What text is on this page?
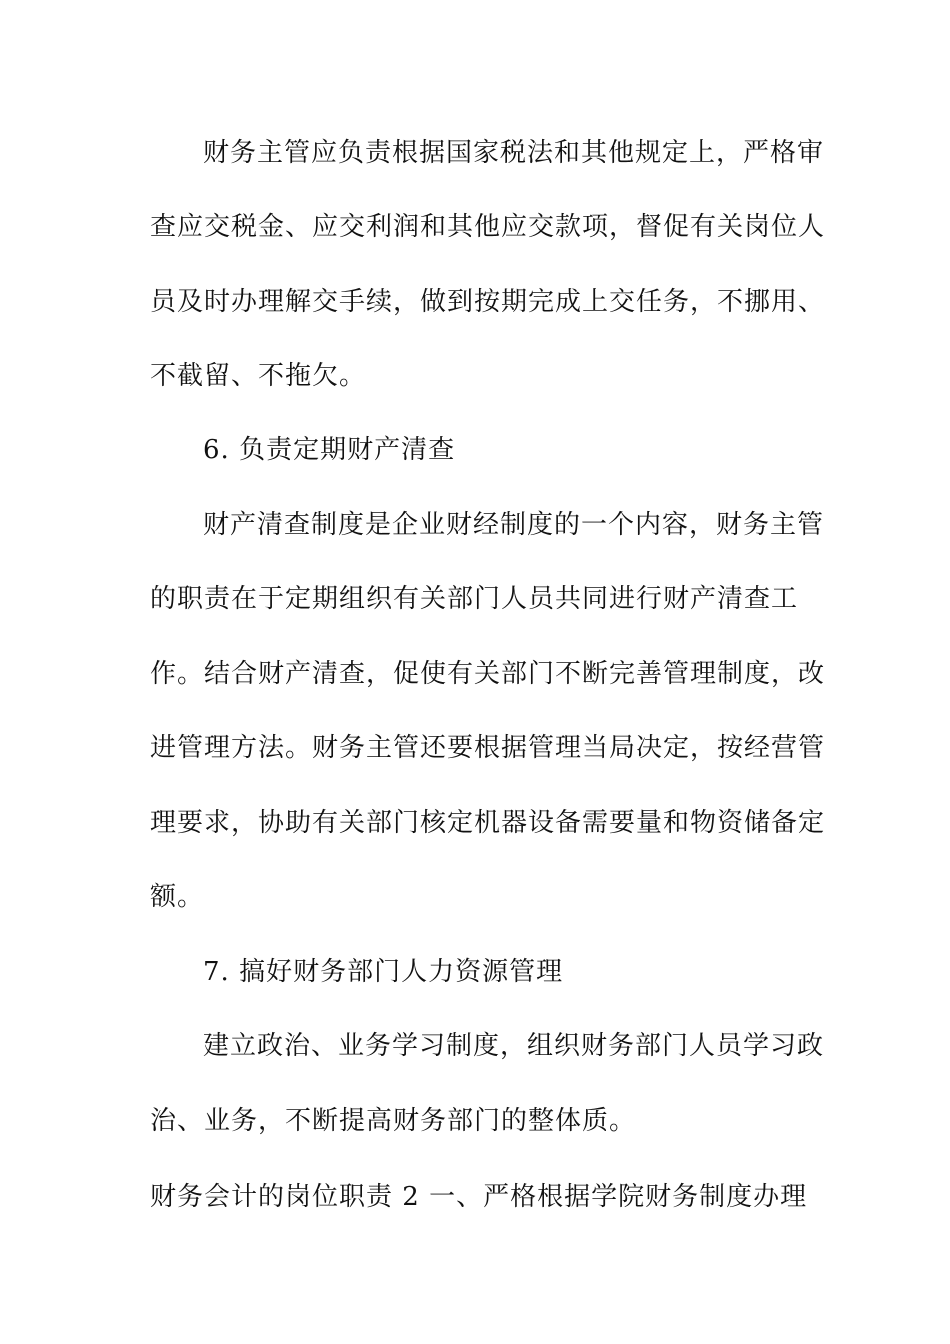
财务主管应负责根据国家税法和其他规定上，严格审
查应交税金、应交利润和其他应交款项，督促有关岗位人
员及时办理解交手续，做到按期完成上交任务，不挪用、
不截留、不拖欠。
6. 负责定期财产清查
财产清查制度是企业财经制度的一个内容，财务主管
的职责在于定期组织有关部门人员共同进行财产清查工
作。结合财产清查，促使有关部门不断完善管理制度，改
进管理方法。财务主管还要根据管理当局决定，按经营管
理要求，协助有关部门核定机器设备需要量和物资储备定
额。
7. 搞好财务部门人力资源管理
建立政治、业务学习制度，组织财务部门人员学习政
治、业务，不断提高财务部门的整体质。
财务会计的岗位职责 2 一、严格根据学院财务制度办理
